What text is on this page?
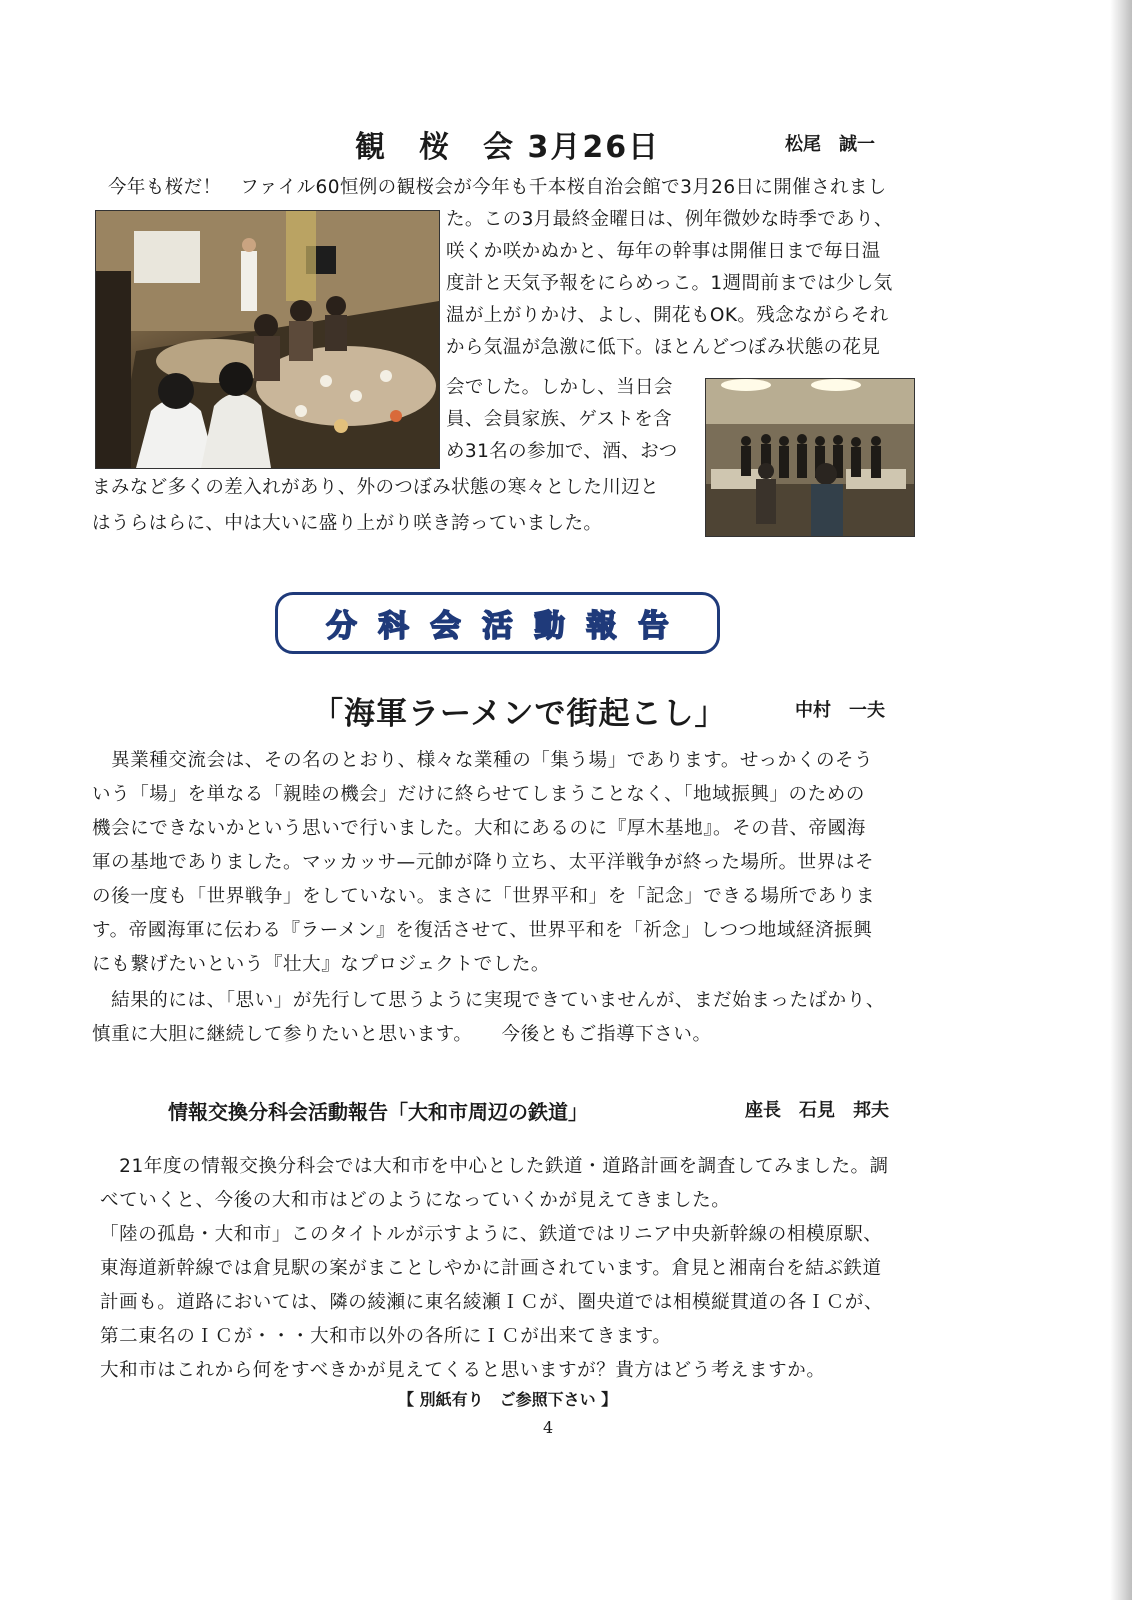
観　桜　会 3月26日	松尾　誠一
今年も桜だ！　ファイル60恒例の観桜会が今年も千本桜自治会館で3月26日に開催されまし
た。この3月最終金曜日は、例年微妙な時季であり、
咲くか咲かぬかと、毎年の幹事は開催日まで毎日温
度計と天気予報をにらめっこ。1週間前までは少し気
温が上がりかけ、よし、開花もOK。残念ながらそれ
から気温が急激に低下。ほとんどつぼみ状態の花見
会でした。しかし、当日会
員、会員家族、ゲストを含
め31名の参加で、酒、おつ
まみなど多くの差入れがあり、外のつぼみ状態の寒々とした川辺と
はうらはらに、中は大いに盛り上がり咲き誇っていました。
分科会活動報告
「海軍ラーメンで街起こし」	中村　一夫
　異業種交流会は、その名のとおり、様々な業種の「集う場」であります。せっかくのそう
いう「場」を単なる「親睦の機会」だけに終らせてしまうことなく、「地域振興」のための
機会にできないかという思いで行いました。大和にあるのに『厚木基地』。その昔、帝國海
軍の基地でありました。マッカッサ—元帥が降り立ち、太平洋戦争が終った場所。世界はそ
の後一度も「世界戦争」をしていない。まさに「世界平和」を「記念」できる場所でありま
す。帝國海軍に伝わる『ラーメン』を復活させて、世界平和を「祈念」しつつ地域経済振興
にも繋げたいという『壮大』なプロジェクトでした。
　結果的には、「思い」が先行して思うように実現できていませんが、まだ始まったばかり、
慎重に大胆に継続して参りたいと思います。　　今後ともご指導下さい。
情報交換分科会活動報告「大和市周辺の鉄道」	座長　石見　邦夫
　21年度の情報交換分科会では大和市を中心とした鉄道・道路計画を調査してみました。調
べていくと、今後の大和市はどのようになっていくかが見えてきました。
「陸の孤島・大和市」このタイトルが示すように、鉄道ではリニア中央新幹線の相模原駅、
東海道新幹線では倉見駅の案がまことしやかに計画されています。倉見と湘南台を結ぶ鉄道
計画も。道路においては、隣の綾瀬に東名綾瀬ＩＣが、圏央道では相模縦貫道の各ＩＣが、
第二東名のＩＣが・・・大和市以外の各所にＩＣが出来てきます。
大和市はこれから何をすべきかが見えてくると思いますが？貴方はどう考えますか。
【 別紙有り　ご参照下さい 】
4
